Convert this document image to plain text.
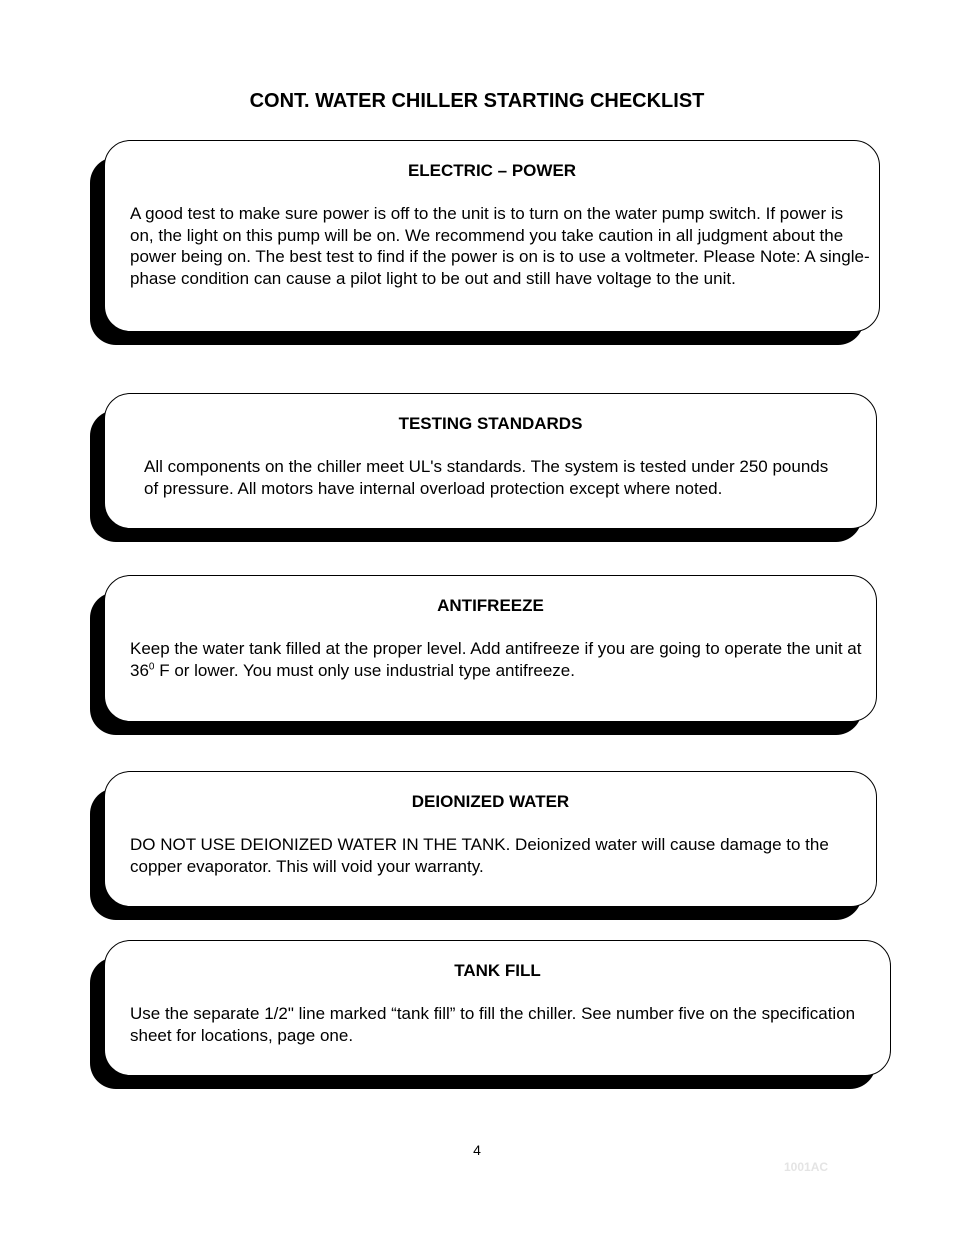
CONT. WATER CHILLER STARTING CHECKLIST
ELECTRIC – POWER
A good test to make sure power is off to the unit is to turn on the water pump switch. If power is on, the light on this pump will be on. We recommend you take caution in all judgment about the power being on. The best test to find if the power is on is to use a voltmeter. Please Note: A single-phase condition can cause a pilot light to be out and still have voltage to the unit.
TESTING STANDARDS
All components on the chiller meet UL's standards. The system is tested under 250 pounds of pressure. All motors have internal overload protection except where noted.
ANTIFREEZE
Keep the water tank filled at the proper level. Add antifreeze if you are going to operate the unit at $36^0$ F or lower. You must only use industrial type antifreeze.
DEIONIZED WATER
DO NOT USE DEIONIZED WATER IN THE TANK. Deionized water will cause damage to the copper evaporator. This will void your warranty.
TANK FILL
Use the separate 1/2" line marked “tank fill” to fill the chiller. See number five on the specification sheet for locations, page one.
4
1001AC
